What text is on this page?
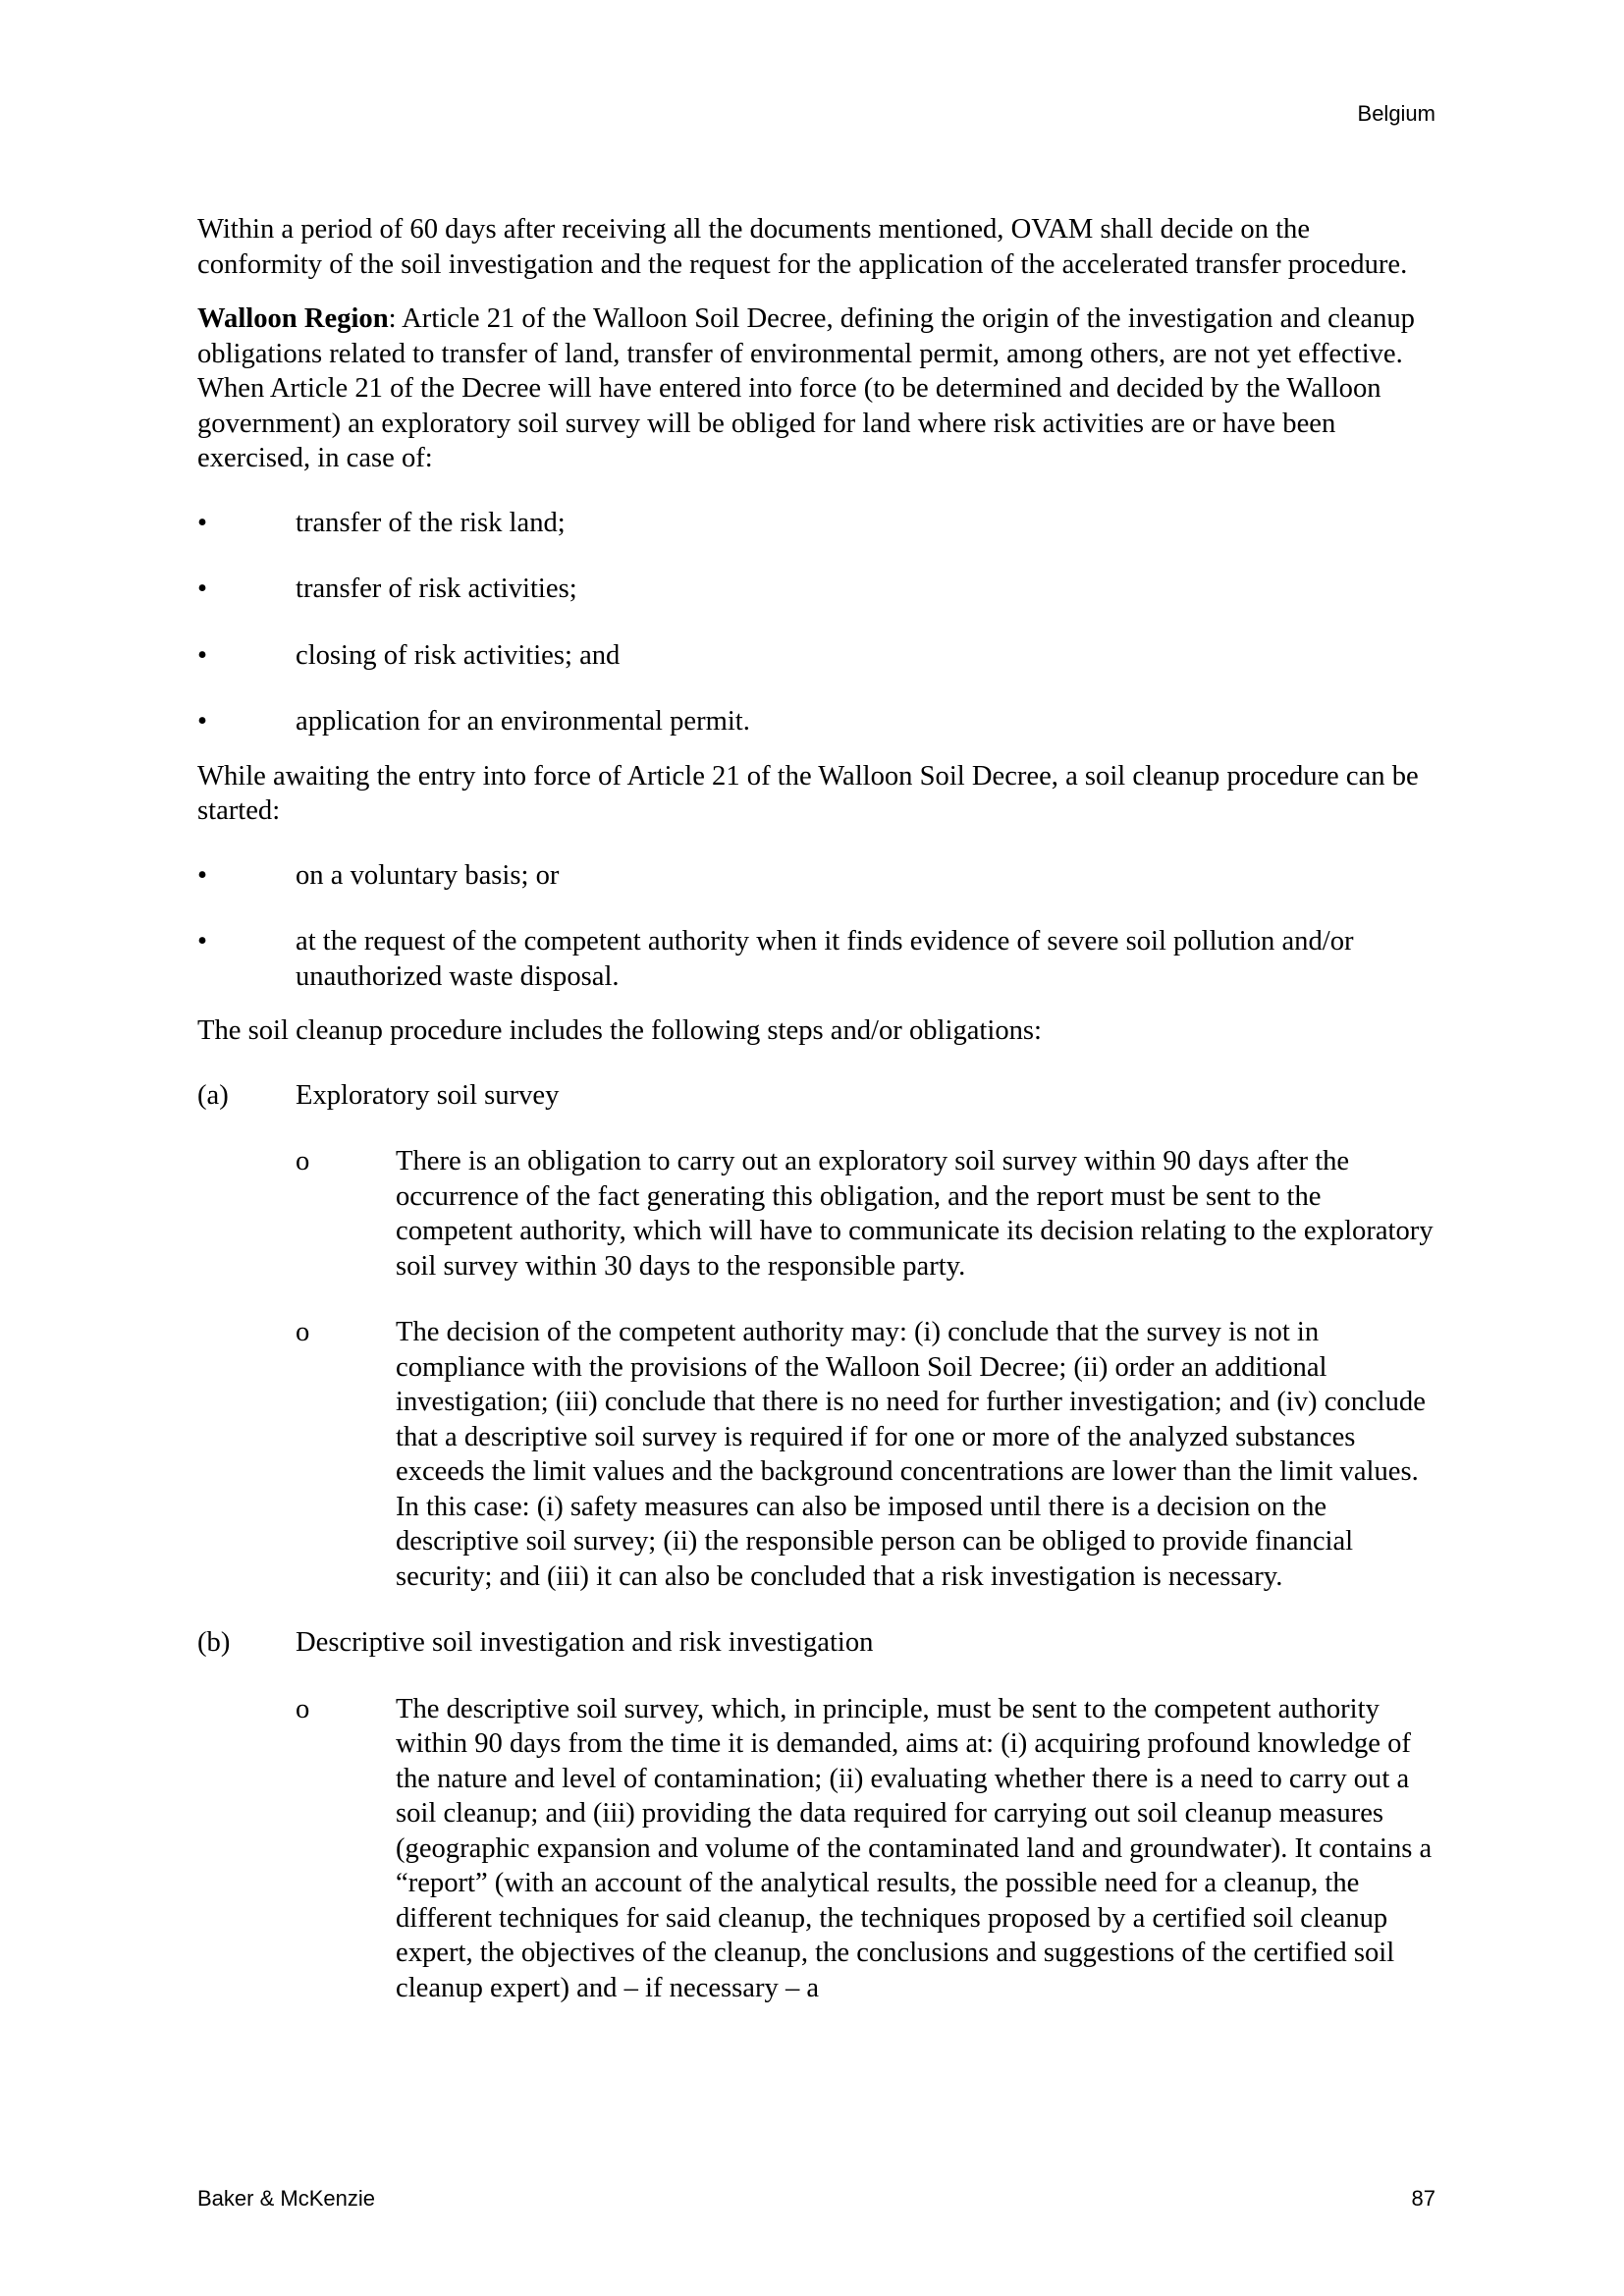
Belgium

Within a period of 60 days after receiving all the documents mentioned, OVAM shall decide on the conformity of the soil investigation and the request for the application of the accelerated transfer procedure.

Walloon Region: Article 21 of the Walloon Soil Decree, defining the origin of the investigation and cleanup obligations related to transfer of land, transfer of environmental permit, among others, are not yet effective. When Article 21 of the Decree will have entered into force (to be determined and decided by the Walloon government) an exploratory soil survey will be obliged for land where risk activities are or have been exercised, in case of:

•	transfer of the risk land;
•	transfer of risk activities;
•	closing of risk activities; and
•	application for an environmental permit.

While awaiting the entry into force of Article 21 of the Walloon Soil Decree, a soil cleanup procedure can be started:

•	on a voluntary basis; or
•	at the request of the competent authority when it finds evidence of severe soil pollution and/or unauthorized waste disposal.

The soil cleanup procedure includes the following steps and/or obligations:

(a) Exploratory soil survey
o	There is an obligation to carry out an exploratory soil survey within 90 days after the occurrence of the fact generating this obligation, and the report must be sent to the competent authority, which will have to communicate its decision relating to the exploratory soil survey within 30 days to the responsible party.
o	The decision of the competent authority may: (i) conclude that the survey is not in compliance with the provisions of the Walloon Soil Decree; (ii) order an additional investigation; (iii) conclude that there is no need for further investigation; and (iv) conclude that a descriptive soil survey is required if for one or more of the analyzed substances exceeds the limit values and the background concentrations are lower than the limit values. In this case: (i) safety measures can also be imposed until there is a decision on the descriptive soil survey; (ii) the responsible person can be obliged to provide financial security; and (iii) it can also be concluded that a risk investigation is necessary.
(b) Descriptive soil investigation and risk investigation
o	The descriptive soil survey, which, in principle, must be sent to the competent authority within 90 days from the time it is demanded, aims at: (i) acquiring profound knowledge of the nature and level of contamination; (ii) evaluating whether there is a need to carry out a soil cleanup; and (iii) providing the data required for carrying out soil cleanup measures (geographic expansion and volume of the contaminated land and groundwater). It contains a “report” (with an account of the analytical results, the possible need for a cleanup, the different techniques for said cleanup, the techniques proposed by a certified soil cleanup expert, the objectives of the cleanup, the conclusions and suggestions of the certified soil cleanup expert) and – if necessary – a
Baker & McKenzie	87
